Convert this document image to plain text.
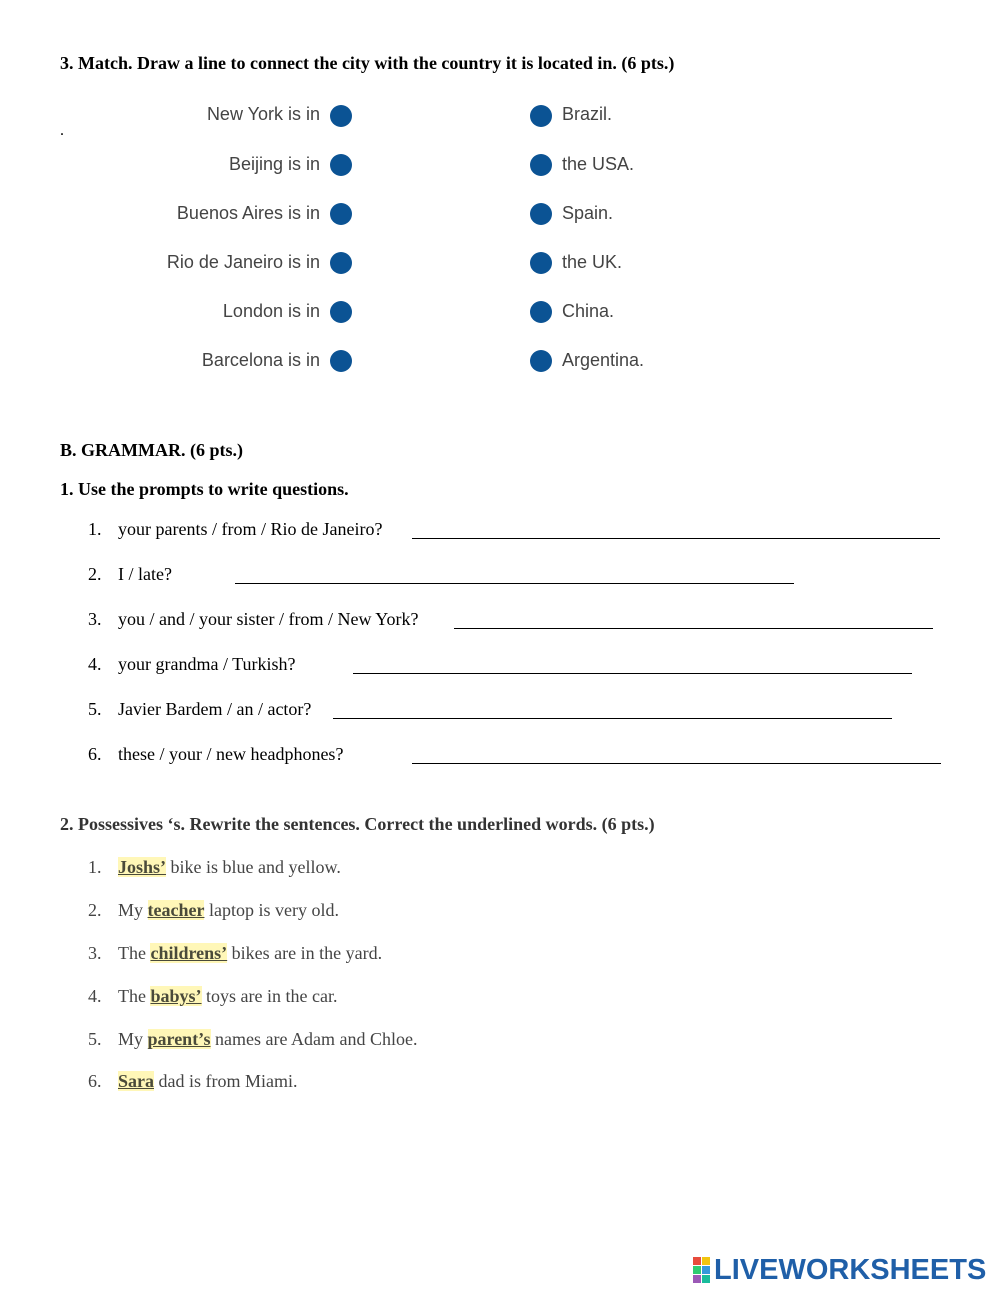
3. Match. Draw a line to connect the city with the country it is located in. (6 pts.)
.
New York is in
Beijing is in
Buenos Aires is in
Rio de Janeiro is in
London is in
Barcelona is in
Brazil.
the USA.
Spain.
the UK.
China.
Argentina.
B. GRAMMAR. (6 pts.)
1. Use the prompts to write questions.
1. your parents / from / Rio de Janeiro?
2. I / late?
3. you / and / your sister / from / New York?
4. your grandma / Turkish?
5. Javier Bardem / an / actor?
6. these / your / new headphones?
2. Possessives ‘s. Rewrite the sentences. Correct the underlined words. (6 pts.)
1. Joshs’ bike is blue and yellow.
2. My teacher laptop is very old.
3. The childrens’ bikes are in the yard.
4. The babys’ toys are in the car.
5. My parent’s names are Adam and Chloe.
6. Sara dad is from Miami.
LIVEWORKSHEETS
